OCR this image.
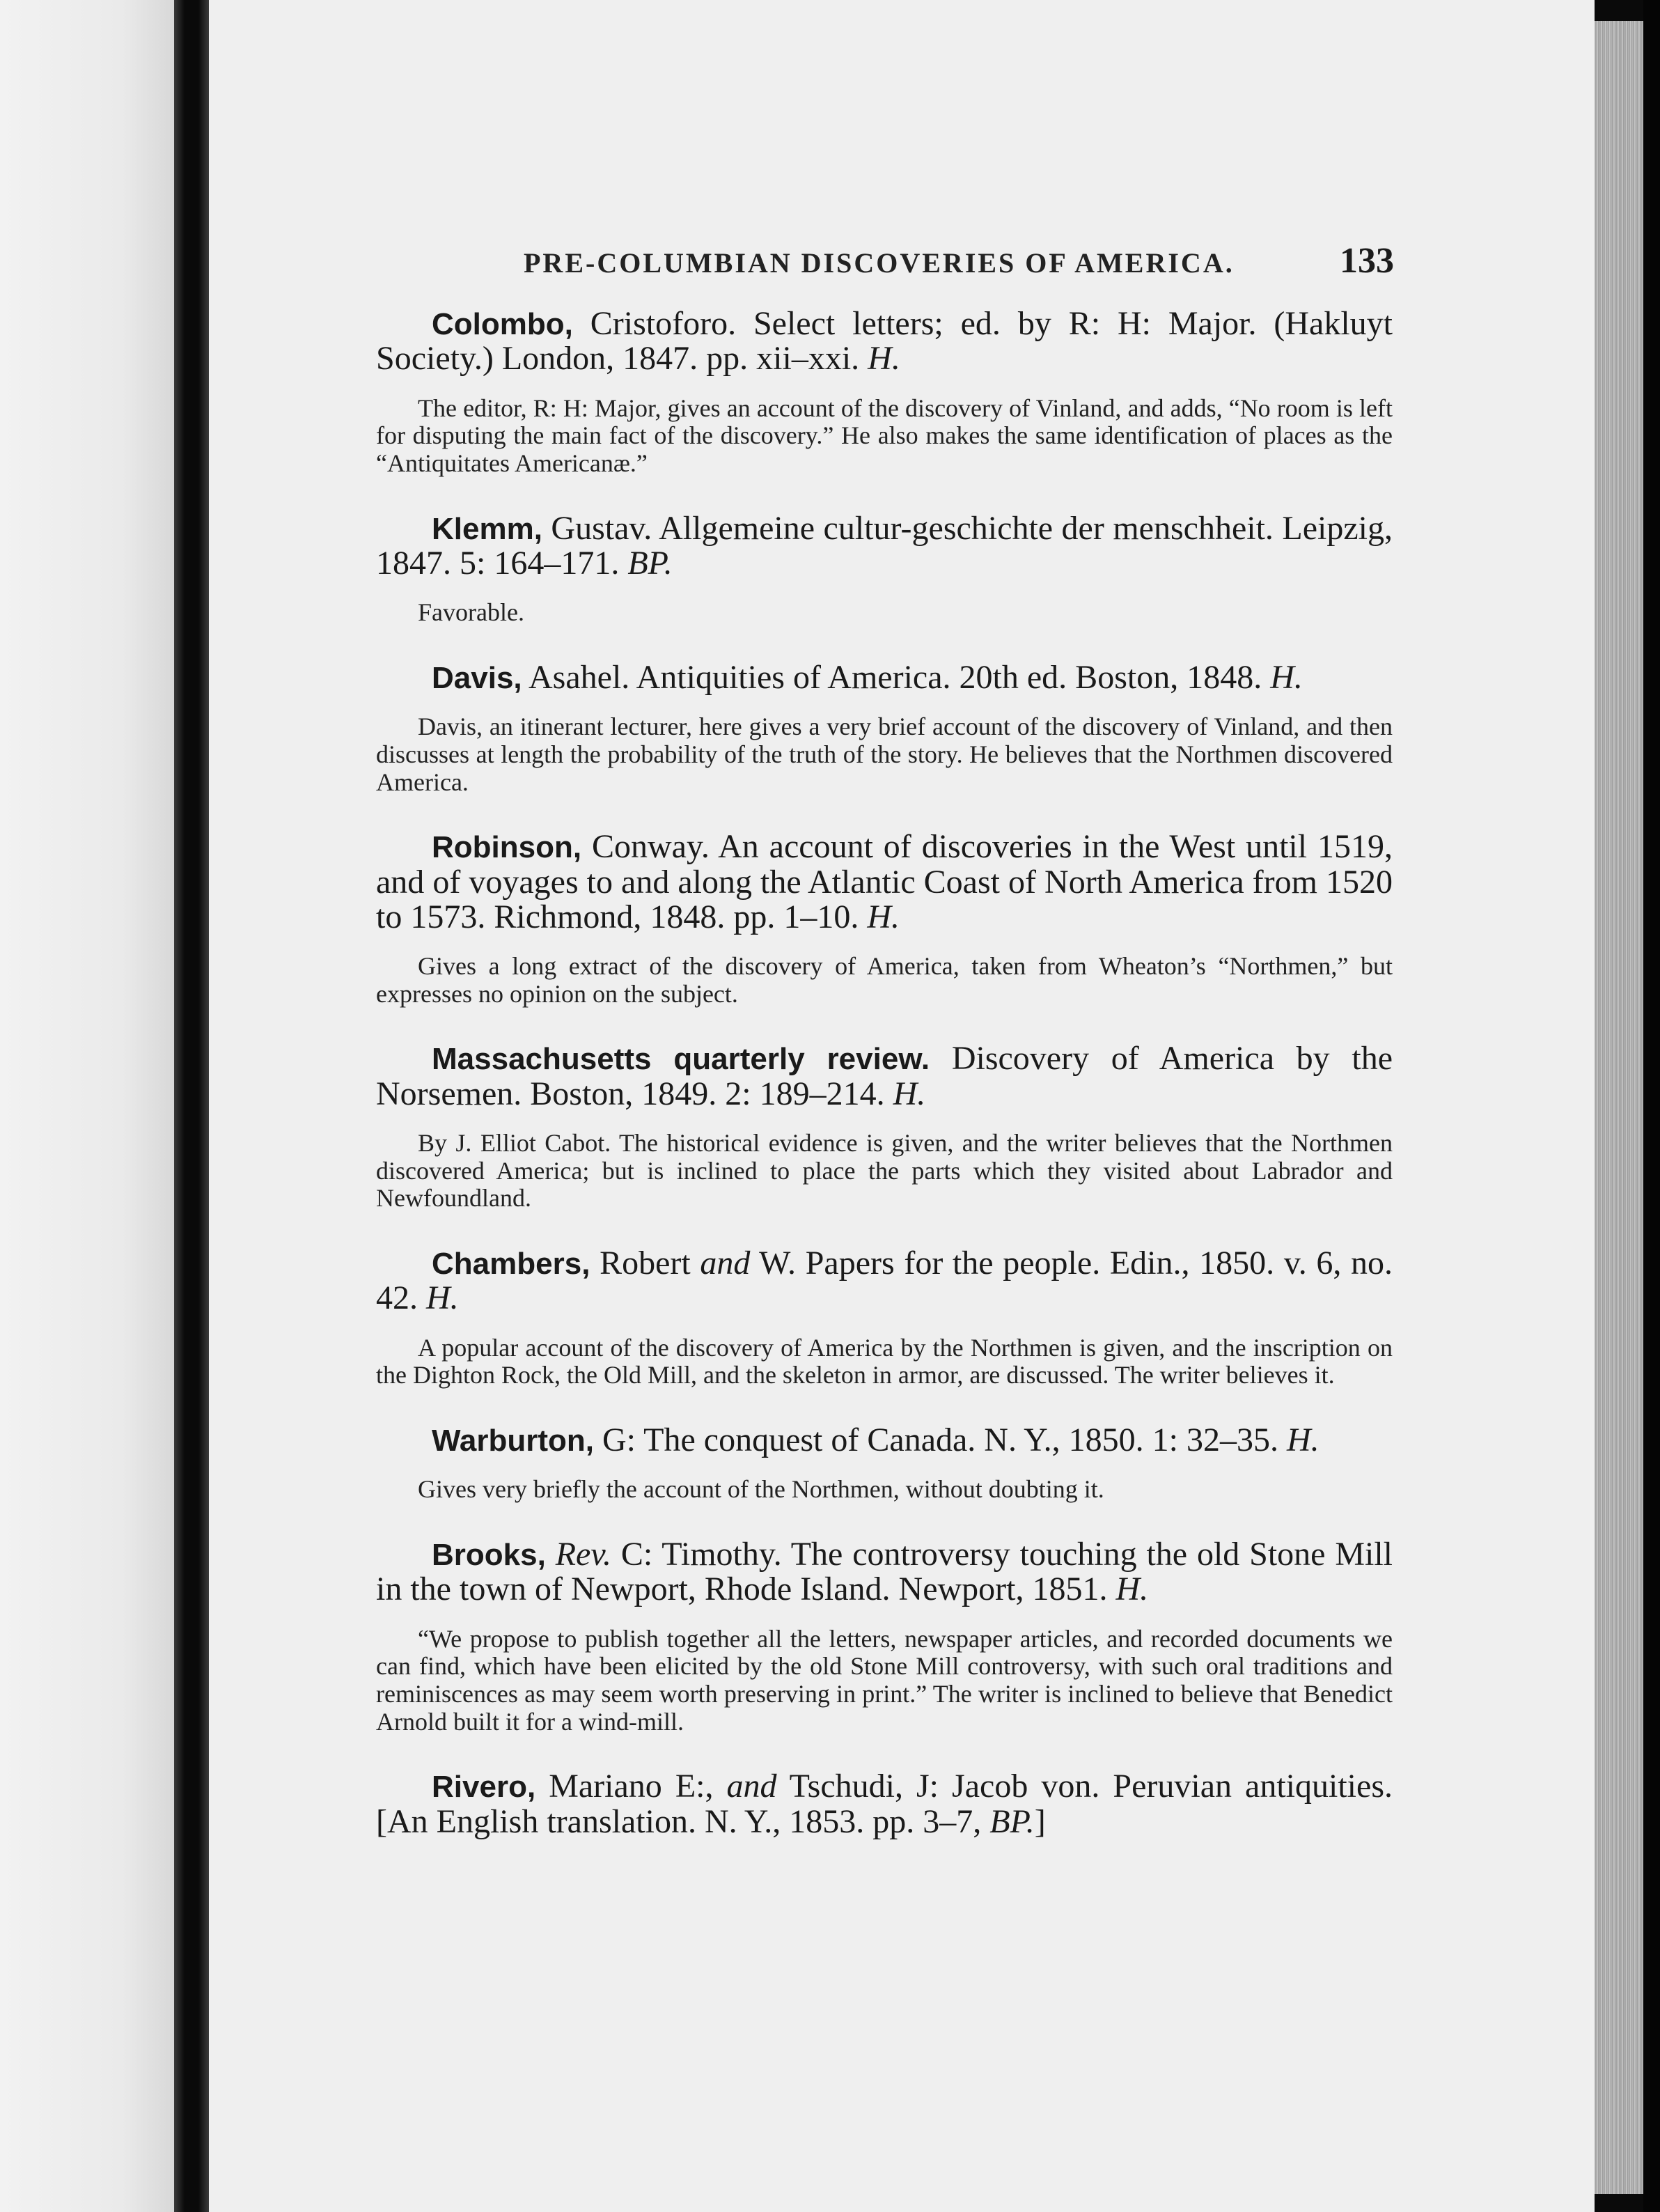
PRE-COLUMBIAN DISCOVERIES OF AMERICA.	133

Colombo, Cristoforo. Select letters; ed. by R: H: Major. (Hakluyt Society.) London, 1847. pp. xii–xxi. H.

The editor, R: H: Major, gives an account of the discovery of Vinland, and adds, “No room is left for disputing the main fact of the discovery.” He also makes the same identification of places as the “Antiquitates Americanæ.”

Klemm, Gustav. Allgemeine cultur-geschichte der menschheit. Leipzig, 1847. 5: 164–171. BP.

Favorable.

Davis, Asahel. Antiquities of America. 20th ed. Boston, 1848. H.

Davis, an itinerant lecturer, here gives a very brief account of the discovery of Vinland, and then discusses at length the probability of the truth of the story. He believes that the Northmen discovered America.

Robinson, Conway. An account of discoveries in the West until 1519, and of voyages to and along the Atlantic Coast of North America from 1520 to 1573. Richmond, 1848. pp. 1–10. H.

Gives a long extract of the discovery of America, taken from Wheaton’s “Northmen,” but expresses no opinion on the subject.

Massachusetts quarterly review. Discovery of America by the Norsemen. Boston, 1849. 2: 189–214. H.

By J. Elliot Cabot. The historical evidence is given, and the writer believes that the Northmen discovered America; but is inclined to place the parts which they visited about Labrador and Newfoundland.

Chambers, Robert and W. Papers for the people. Edin., 1850. v. 6, no. 42. H.

A popular account of the discovery of America by the Northmen is given, and the inscription on the Dighton Rock, the Old Mill, and the skeleton in armor, are discussed. The writer believes it.

Warburton, G: The conquest of Canada. N. Y., 1850. 1: 32–35. H.

Gives very briefly the account of the Northmen, without doubting it.

Brooks, Rev. C: Timothy. The controversy touching the old Stone Mill in the town of Newport, Rhode Island. Newport, 1851. H.

“We propose to publish together all the letters, newspaper articles, and recorded documents we can find, which have been elicited by the old Stone Mill controversy, with such oral traditions and reminiscences as may seem worth preserving in print.” The writer is inclined to believe that Benedict Arnold built it for a wind-mill.

Rivero, Mariano E:, and Tschudi, J: Jacob von. Peruvian antiquities. [An English translation. N. Y., 1853. pp. 3–7, BP.]
